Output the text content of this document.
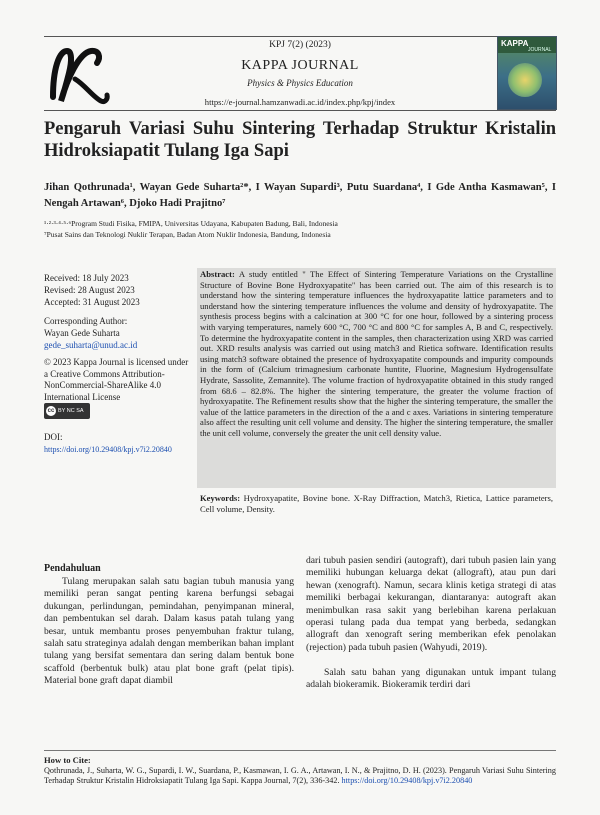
KPJ 7(2) (2023)
KAPPA JOURNAL
Physics & Physics Education
https://e-journal.hamzanwadi.ac.id/index.php/kpj/index
KAPPA
JOURNAL
Pengaruh Variasi Suhu Sintering Terhadap Struktur Kristalin Hidroksiapatit Tulang Iga Sapi
Jihan Qothrunada¹, Wayan Gede Suharta²*, I Wayan Supardi³, Putu Suardana⁴, I Gde Antha Kasmawan⁵, I Nengah Artawan⁶, Djoko Hadi Prajitno⁷
¹·²·³·⁴·⁵·⁶Program Studi Fisika, FMIPA, Universitas Udayana, Kabupaten Badung, Bali, Indonesia
⁷Pusat Sains dan Teknologi Nuklir Terapan, Badan Atom Nuklir Indonesia, Bandung, Indonesia
Received: 18 July 2023
Revised: 28 August 2023
Accepted: 31 August 2023
Corresponding Author:
Wayan Gede Suharta
gede_suharta@unud.ac.id
© 2023 Kappa Journal is licensed under a Creative Commons Attribution-NonCommercial-ShareAlike 4.0 International License
cc BY NC SA
DOI:
https://doi.org/10.29408/kpj.v7i2.20840
Abstract: A study entitled " The Effect of Sintering Temperature Variations on the Crystalline Structure of Bovine Bone Hydroxyapatite" has been carried out. The aim of this research is to understand how the sintering temperature influences the hydroxyapatite lattice parameters and to understand how the sintering temperature influences the volume and density of hydroxyapatite. The synthesis process begins with a calcination at 300 °C for one hour, followed by a sintering process with varying temperatures, namely 600 °C, 700 °C and 800 °C for samples A, B and C, respectively. To determine the hydroxyapatite content in the samples, then characterization using XRD was carried out. XRD results analysis was carried out using match3 and Rietica software. Identification results using match3 software obtained the presence of hydroxyapatite compounds and impurity compounds in the form of (Calcium trimagnesium carbonate huntite, Fluorine, Magnesium Hydrogensulfate Hydrate, Sassolite, Zemannite). The volume fraction of hydroxyapatite obtained in this study ranged from 68.6 – 82.8%. The higher the sintering temperature, the greater the volume fraction of hydroxyapatite. The Refinement results show that the higher the sintering temperature, the smaller the value of the lattice parameters in the direction of the a and c axes. Variations in sintering temperature also affect the resulting unit cell volume and density. The higher the sintering temperature, the smaller the unit cell volume, conversely the greater the unit cell density value.
Keywords: Hydroxyapatite, Bovine bone. X-Ray Diffraction, Match3, Rietica, Lattice parameters, Cell volume, Density.
Pendahuluan
Tulang merupakan salah satu bagian tubuh manusia yang memiliki peran sangat penting karena berfungsi sebagai dukungan, perlindungan, pemindahan, penyimpanan mineral, dan pembentukan sel darah. Dalam kasus patah tulang yang besar, untuk membantu proses penyembuhan fraktur tulang, salah satu strateginya adalah dengan memberikan bahan implant tulang yang bersifat sementara dan sering dalam bentuk bone scaffold (berbentuk bulk) atau plat bone graft (pelat tipis). Material bone graft dapat diambil
dari tubuh pasien sendiri (autograft), dari tubuh pasien lain yang memiliki hubungan keluarga dekat (allograft), atau pun dari hewan (xenograft). Namun, secara klinis ketiga strategi di atas memiliki berbagai kekurangan, diantaranya: autograft akan menimbulkan rasa sakit yang berlebihan karena perlakuan operasi tulang pada dua tempat yang berbeda, sedangkan allograft dan xenograft sering memberikan efek penolakan (rejection) pada tubuh pasien (Wahyudi, 2019).
Salah satu bahan yang digunakan untuk impant tulang adalah biokeramik. Biokeramik terdiri dari
How to Cite:
Qothrunada, J., Suharta, W. G., Supardi, I. W., Suardana, P., Kasmawan, I. G. A., Artawan, I. N., & Prajitno, D. H. (2023). Pengaruh Variasi Suhu Sintering Terhadap Struktur Kristalin Hidroksiapatit Tulang Iga Sapi. Kappa Journal, 7(2), 336-342. https://doi.org/10.29408/kpj.v7i2.20840
